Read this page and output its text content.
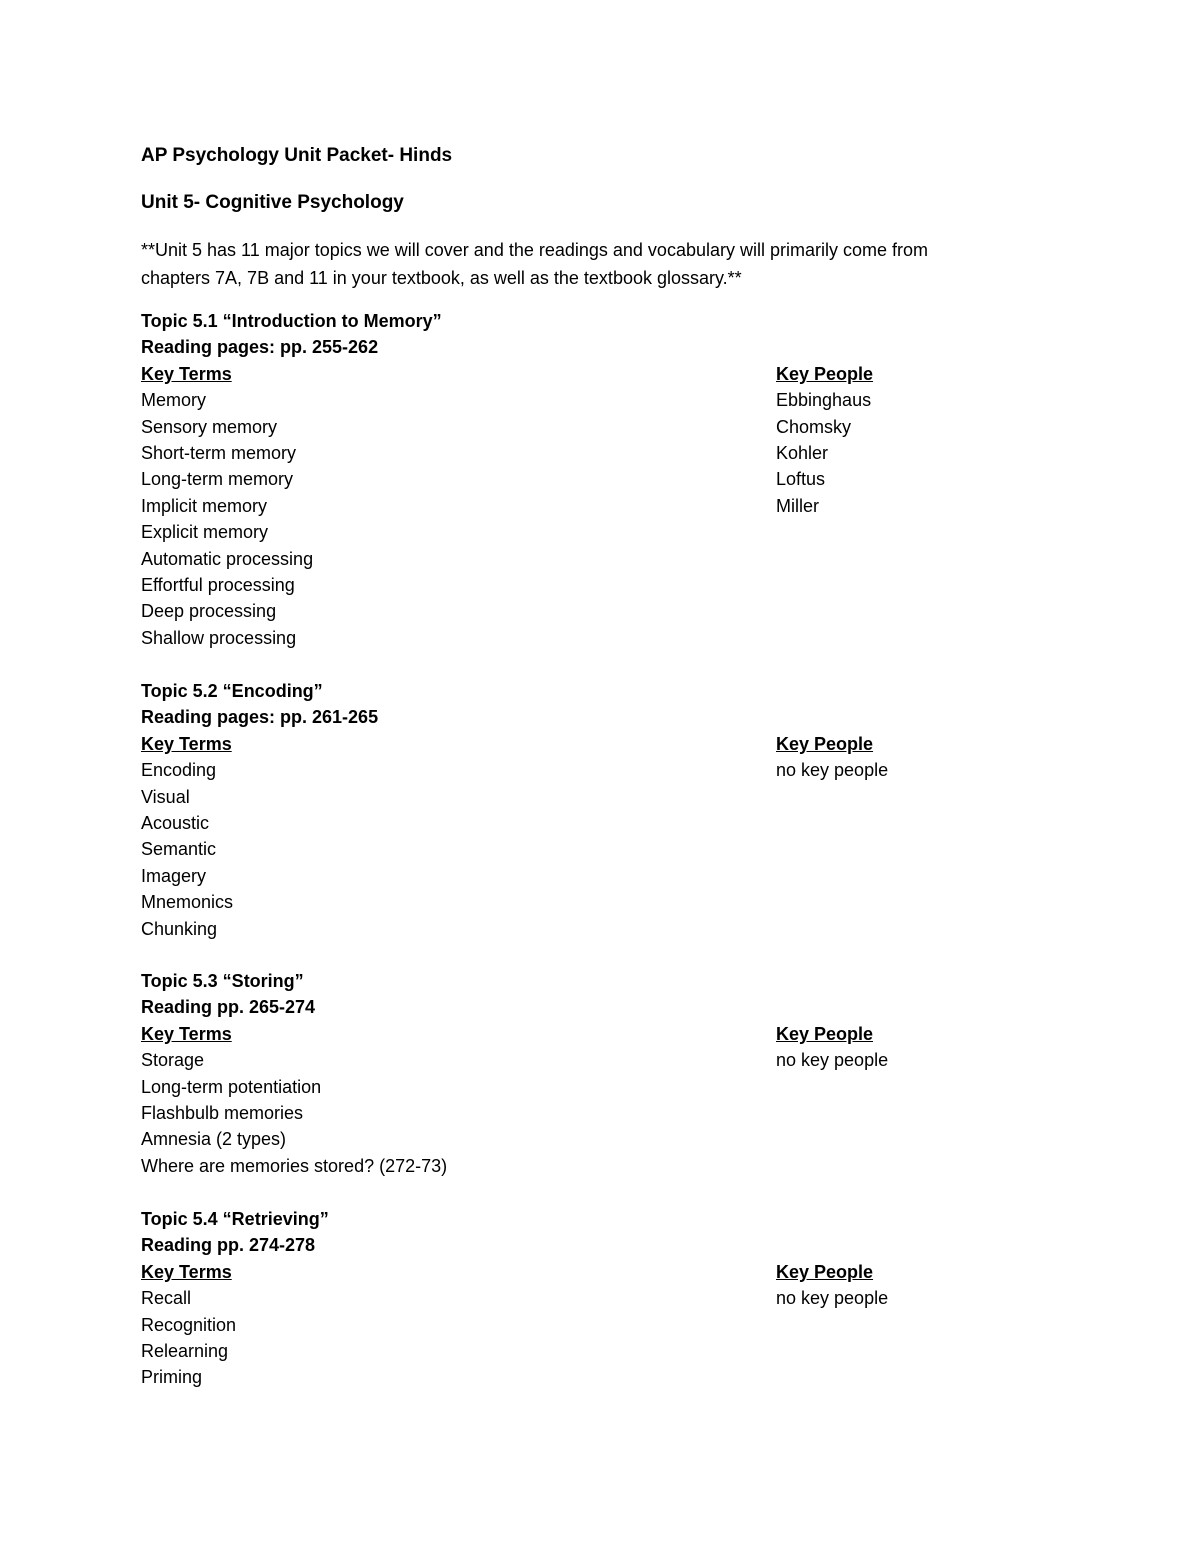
AP Psychology Unit Packet- Hinds
Unit 5- Cognitive Psychology
**Unit 5 has 11 major topics we will cover and the readings and vocabulary will primarily come from
chapters 7A, 7B and 11 in your textbook, as well as the textbook glossary.**
Topic 5.1 “Introduction to Memory”
Reading pages: pp. 255-262
Key Terms
Memory
Sensory memory
Short-term memory
Long-term memory
Implicit memory
Explicit memory
Automatic processing
Effortful processing
Deep processing
Shallow processing
Key People
Ebbinghaus
Chomsky
Kohler
Loftus
Miller
Topic 5.2 “Encoding”
Reading pages: pp. 261-265
Key Terms
Encoding
Visual
Acoustic
Semantic
Imagery
Mnemonics
Chunking
Key People
no key people
Topic 5.3 “Storing”
Reading pp. 265-274
Key Terms
Storage
Long-term potentiation
Flashbulb memories
Amnesia (2 types)
Where are memories stored? (272-73)
Key People
no key people
Topic 5.4 “Retrieving”
Reading pp. 274-278
Key Terms
Recall
Recognition
Relearning
Priming
Key People
no key people
